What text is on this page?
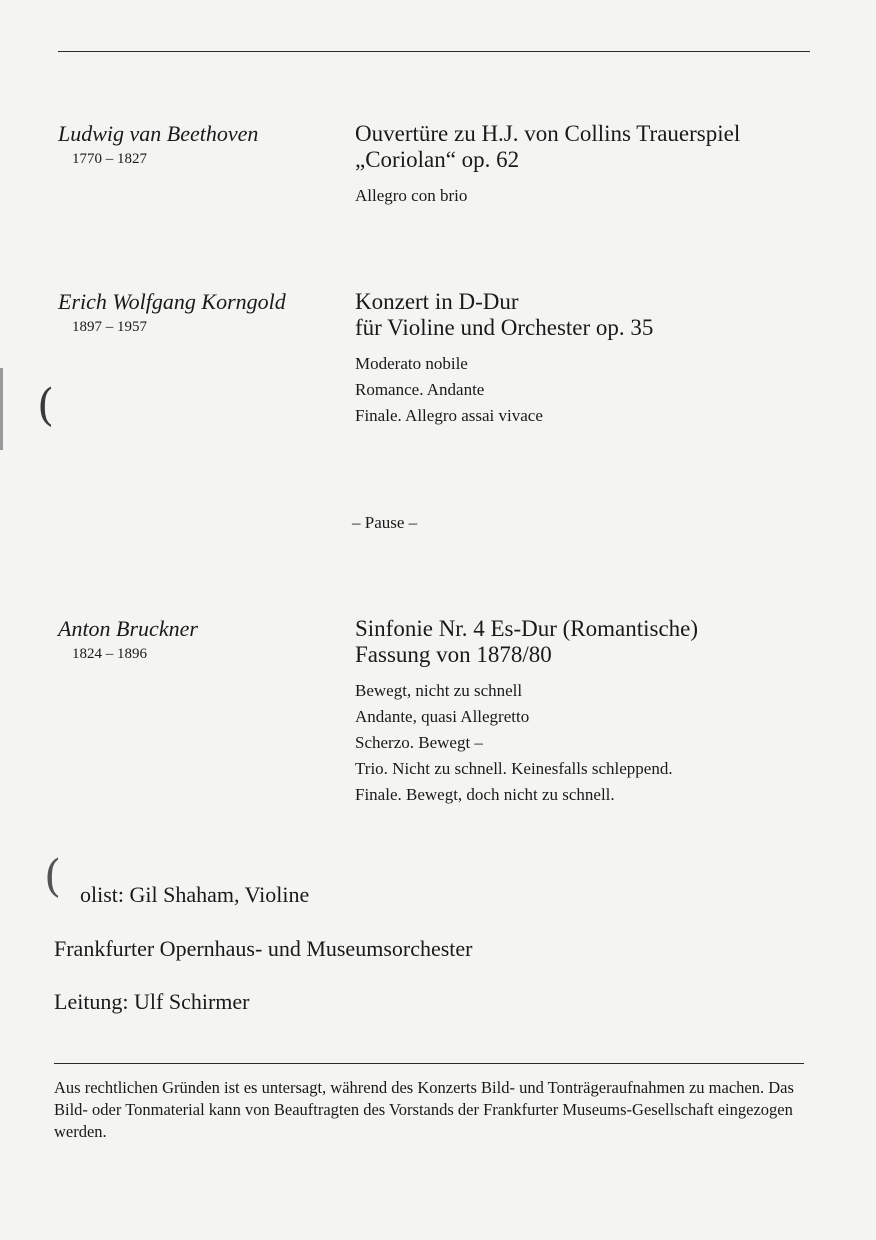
Ludwig van Beethoven
1770 – 1827
Ouvertüre zu H.J. von Collins Trauerspiel
„Coriolan“ op. 62
Allegro con brio
Erich Wolfgang Korngold
1897 – 1957
Konzert in D-Dur
für Violine und Orchester op. 35
Moderato nobile
Romance. Andante
Finale. Allegro assai vivace
– Pause –
Anton Bruckner
1824 – 1896
Sinfonie Nr. 4 Es-Dur (Romantische)
Fassung von 1878/80
Bewegt, nicht zu schnell
Andante, quasi Allegretto
Scherzo. Bewegt –
Trio. Nicht zu schnell. Keinesfalls schleppend.
Finale. Bewegt, doch nicht zu schnell.
olist: Gil Shaham, Violine
Frankfurter Opernhaus- und Museumsorchester
Leitung: Ulf Schirmer
Aus rechtlichen Gründen ist es untersagt, während des Konzerts Bild- und Tonträgeraufnahmen zu machen. Das Bild- oder Tonmaterial kann von Beauftragten des Vorstands der Frankfurter Museums-Gesellschaft eingezogen werden.
(
(
